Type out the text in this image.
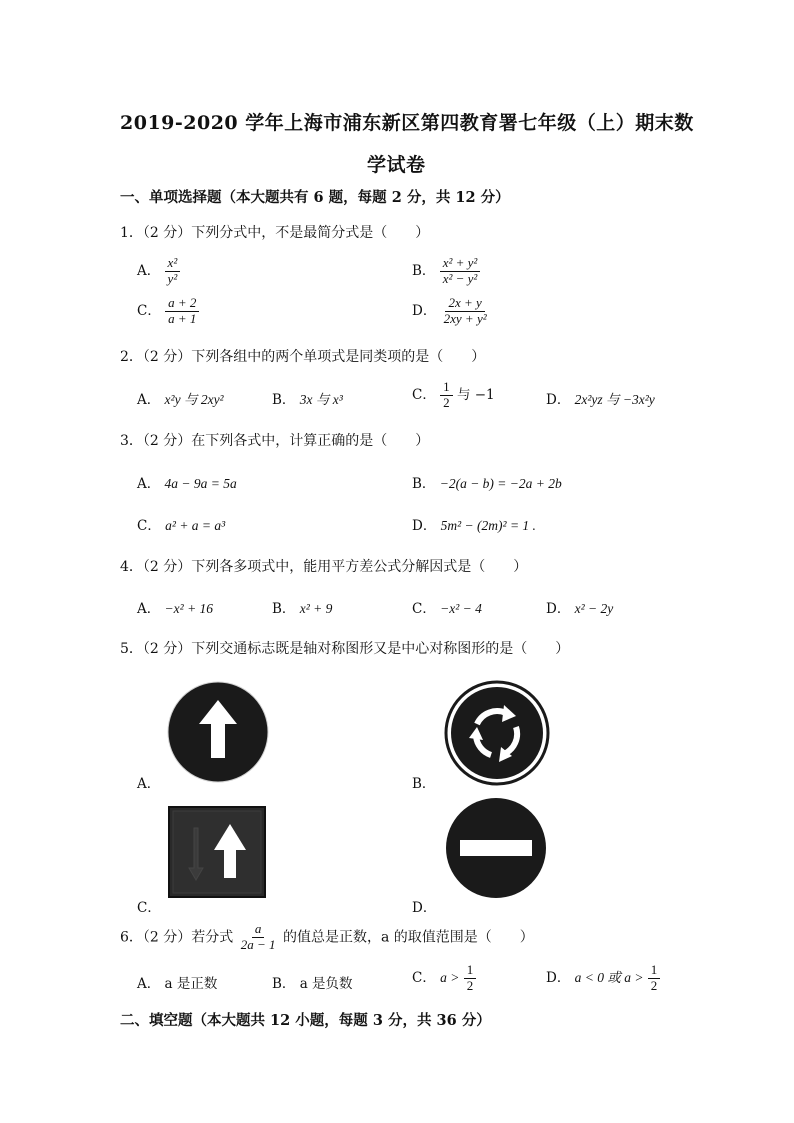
2019-2020 学年上海市浦东新区第四教育署七年级（上）期末数
学试卷
一、单项选择题（本大题共有 6 题，每题 2 分，共 12 分）
1．（2 分）下列分式中，不是最简分式是（　　）
A． $\frac{\text{x²}}{\text{y²}}$	B． $\frac{\text{x² + y²}}{\text{x² − y²}}$
C． $\frac{a + 2}{a + 1}$	D． $\frac{2x + y}{\text{2xy + y²}}$
2．（2 分）下列各组中的两个单项式是同类项的是（　　）
A． x²y 与 2xy²	B． 3x 与 x³	C． $\frac{1}{2}$ 与 −1	D． 2x²yz 与 −3x²y
3．（2 分）在下列各式中，计算正确的是（　　）
A． 4a − 9a = 5a	B． −2(a − b) = −2a + 2b
C． a² + a = a³	D． 5m² − (2m)² = 1 .
4．（2 分）下列各多项式中，能用平方差公式分解因式是（　　）
A． −x² + 16	B． x² + 9	C． −x² − 4	D． x² − 2y
5．（2 分）下列交通标志既是轴对称图形又是中心对称图形的是（　　）
A．	B．
C．	D．
6．（2 分）若分式 $\frac{a}{2a - 1}$ 的值总是正数，a 的取值范围是（　　）
A． a 是正数	B． a 是负数	C． $a > \frac{1}{2}$	D． a < 0 或 $a > \frac{1}{2}$
二、填空题（本大题共 12 小题，每题 3 分，共 36 分）
